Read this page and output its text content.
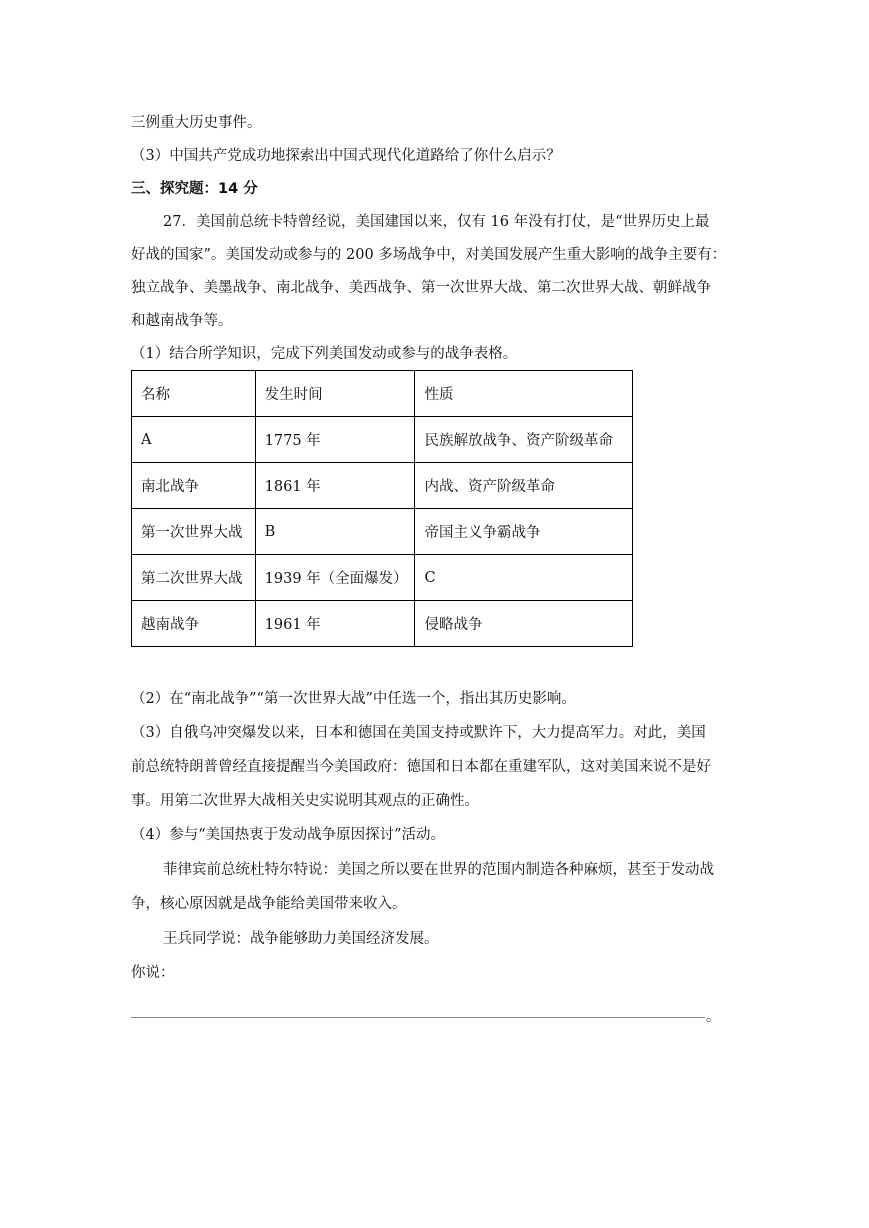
三例重大历史事件。
（3）中国共产党成功地探索出中国式现代化道路给了你什么启示？
三、探究题：14 分
27．美国前总统卡特曾经说，美国建国以来，仅有 16 年没有打仗，是“世界历史上最
好战的国家”。美国发动或参与的 200 多场战争中，对美国发展产生重大影响的战争主要有：
独立战争、美墨战争、南北战争、美西战争、第一次世界大战、第二次世界大战、朝鲜战争
和越南战争等。
（1）结合所学知识，完成下列美国发动或参与的战争表格。
名称	发生时间	性质
A	1775 年	民族解放战争、资产阶级革命
南北战争	1861 年	内战、资产阶级革命
第一次世界大战	B	帝国主义争霸战争
第二次世界大战	1939 年（全面爆发）	C
越南战争	1961 年	侵略战争
（2）在“南北战争”“第一次世界大战”中任选一个，指出其历史影响。
（3）自俄乌冲突爆发以来，日本和德国在美国支持或默许下，大力提高军力。对此，美国
前总统特朗普曾经直接提醒当今美国政府：德国和日本都在重建军队，这对美国来说不是好
事。用第二次世界大战相关史实说明其观点的正确性。
（4）参与“美国热衷于发动战争原因探讨”活动。
菲律宾前总统杜特尔特说：美国之所以要在世界的范围内制造各种麻烦，甚至于发动战
争，核心原因就是战争能给美国带来收入。
王兵同学说：战争能够助力美国经济发展。
你说：
。
